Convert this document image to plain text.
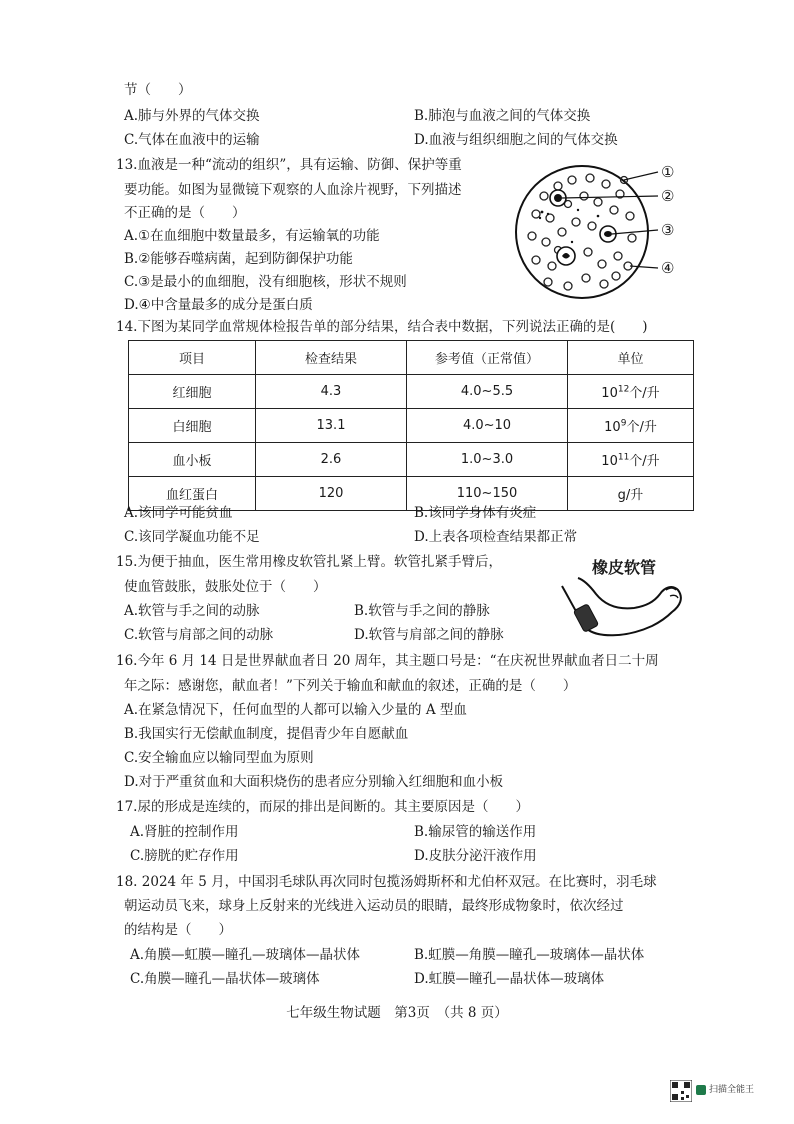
节（　　）
A.肺与外界的气体交换	B.肺泡与血液之间的气体交换
C.气体在血液中的运输	D.血液与组织细胞之间的气体交换
13.血液是一种“流动的组织”，具有运输、防御、保护等重
要功能。如图为显微镜下观察的人血涂片视野，下列描述
不正确的是（　　）
A.①在血细胞中数量最多，有运输氧的功能
B.②能够吞噬病菌，起到防御保护功能
C.③是最小的血细胞，没有细胞核，形状不规则
D.④中含量最多的成分是蛋白质
①
②
③
④
14.下图为某同学血常规体检报告单的部分结果，结合表中数据，下列说法正确的是(　　)
项目	检查结果	参考值（正常值）	单位
红细胞	4.3	4.0~5.5	$10^{12}$个/升
白细胞	13.1	4.0~10	$10^9$个/升
血小板	2.6	1.0~3.0	$10^{11}$个/升
血红蛋白	120	110~150	g/升
A.该同学可能贫血	B.该同学身体有炎症
C.该同学凝血功能不足	D.上表各项检查结果都正常
15.为便于抽血，医生常用橡皮软管扎紧上臂。软管扎紧手臂后，
使血管鼓胀，鼓胀处位于（　　）
A.软管与手之间的动脉	B.软管与手之间的静脉
C.软管与肩部之间的动脉	D.软管与肩部之间的静脉
橡皮软管
16.今年 6 月 14 日是世界献血者日 20 周年，其主题口号是：“在庆祝世界献血者日二十周
年之际：感谢您，献血者！”下列关于输血和献血的叙述，正确的是（　　）
A.在紧急情况下，任何血型的人都可以输入少量的 A 型血
B.我国实行无偿献血制度，提倡青少年自愿献血
C.安全输血应以输同型血为原则
D.对于严重贫血和大面积烧伤的患者应分别输入红细胞和血小板
17.尿的形成是连续的，而尿的排出是间断的。其主要原因是（　　）
A.肾脏的控制作用	B.输尿管的输送作用
C.膀胱的贮存作用	D.皮肤分泌汗液作用
18. 2024 年 5 月，中国羽毛球队再次同时包揽汤姆斯杯和尤伯杯双冠。在比赛时，羽毛球
朝运动员飞来，球身上反射来的光线进入运动员的眼睛，最终形成物象时，依次经过
的结构是（　　）
A.角膜—虹膜—瞳孔—玻璃体—晶状体	B.虹膜—角膜—瞳孔—玻璃体—晶状体
C.角膜—瞳孔—晶状体—玻璃体	D.虹膜—瞳孔—晶状体—玻璃体
七年级生物试题　第3页　（共 8 页）
扫描全能王
